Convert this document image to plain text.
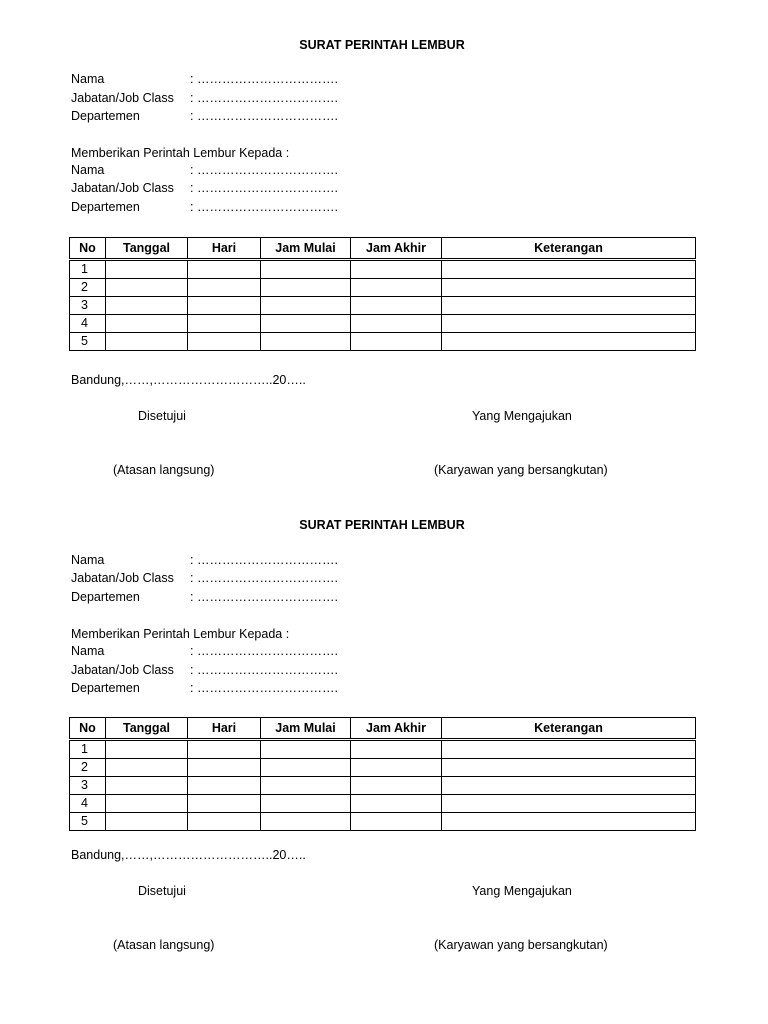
SURAT PERINTAH LEMBUR
Nama	: …………………………….
Jabatan/Job Class : …………………………….
Departemen	: …………………………….
Memberikan Perintah Lembur Kepada :
Nama	: …………………………….
Jabatan/Job Class : …………………………….
Departemen	: …………………………….
No	Tanggal	Hari	Jam Mulai	Jam Akhir	Keterangan
1					
2					
3					
4					
5					
Bandung,……,………………………..20…..
Disetujui	Yang Mengajukan
(Atasan langsung)	(Karyawan yang bersangkutan)
SURAT PERINTAH LEMBUR
Nama	: …………………………….
Jabatan/Job Class : …………………………….
Departemen	: …………………………….
Memberikan Perintah Lembur Kepada :
Nama	: …………………………….
Jabatan/Job Class : …………………………….
Departemen	: …………………………….
No	Tanggal	Hari	Jam Mulai	Jam Akhir	Keterangan
1					
2					
3					
4					
5					
Bandung,……,………………………..20…..
Disetujui	Yang Mengajukan
(Atasan langsung)	(Karyawan yang bersangkutan)
